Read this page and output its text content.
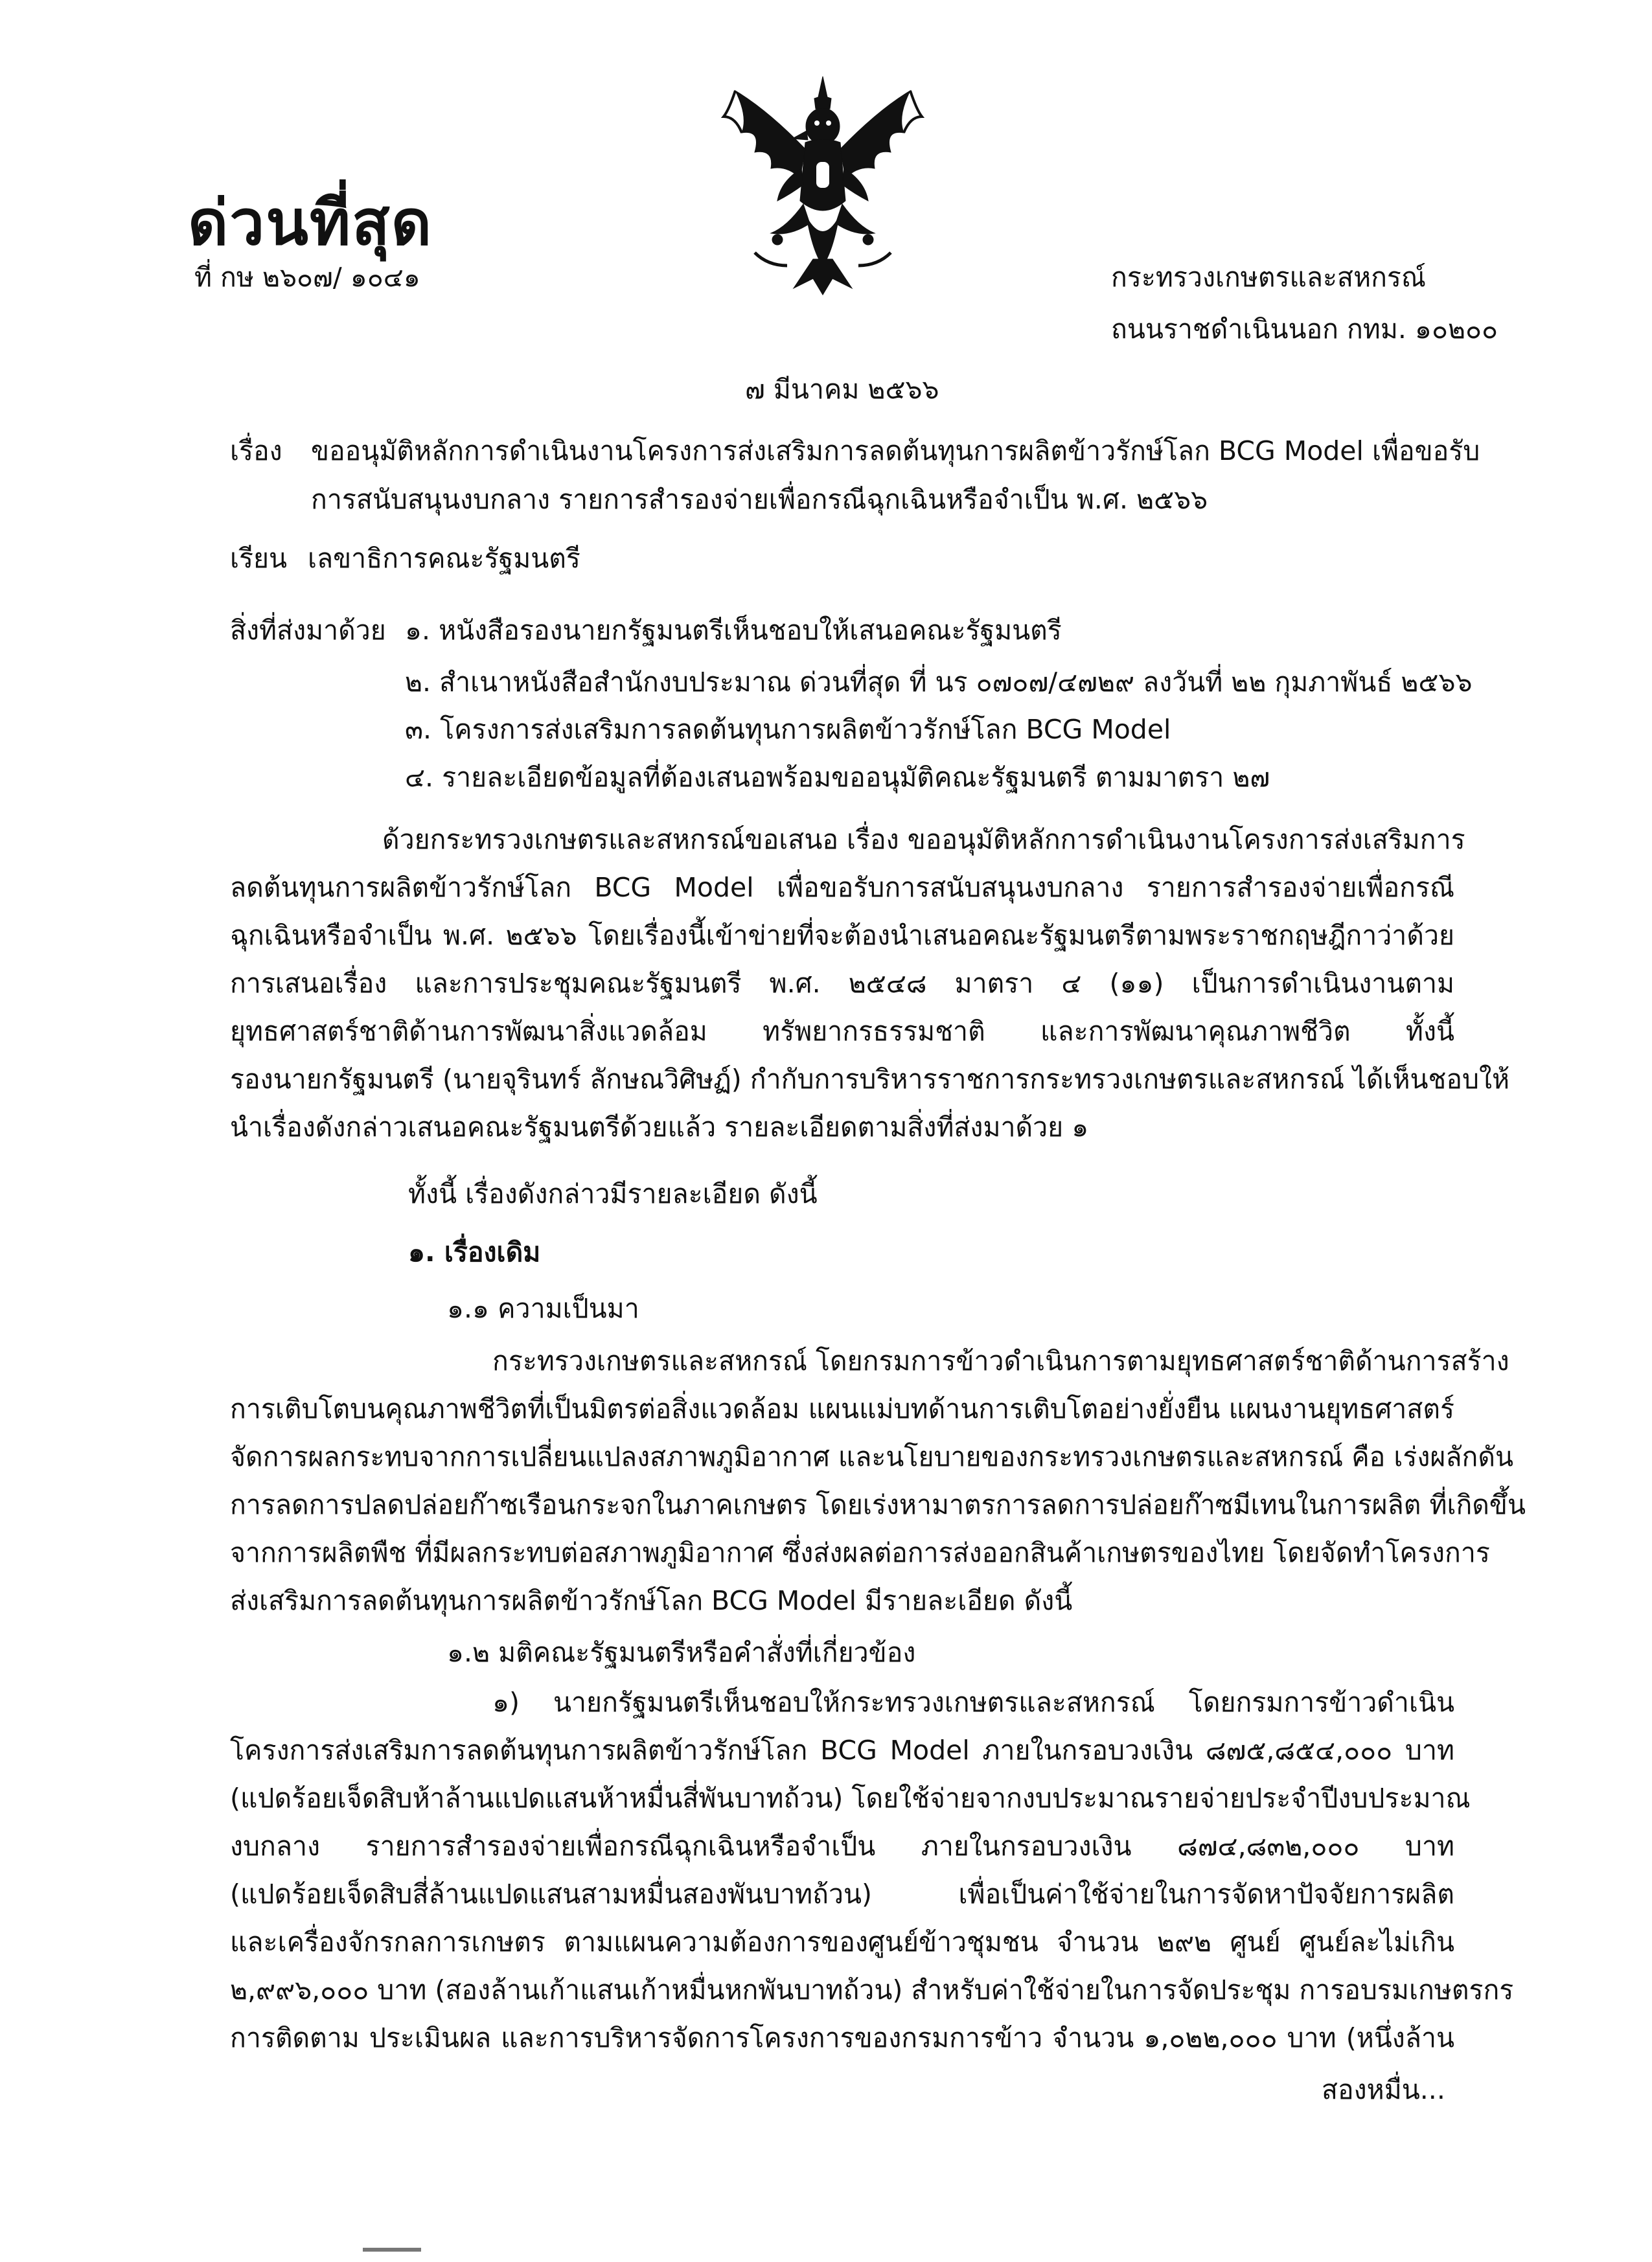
ด่วนที่สุด
ที่ กษ ๒๖๐๗/ ๑๐๔๑	กระทรวงเกษตรและสหกรณ์
ถนนราชดำเนินนอก กทม. ๑๐๒๐๐
๗ มีนาคม ๒๕๖๖
เรื่อง ขออนุมัติหลักการดำเนินงานโครงการส่งเสริมการลดต้นทุนการผลิตข้าวรักษ์โลก BCG Model เพื่อขอรับ
การสนับสนุนงบกลาง รายการสำรองจ่ายเพื่อกรณีฉุกเฉินหรือจำเป็น พ.ศ. ๒๕๖๖
เรียน เลขาธิการคณะรัฐมนตรี
สิ่งที่ส่งมาด้วย ๑. หนังสือรองนายกรัฐมนตรีเห็นชอบให้เสนอคณะรัฐมนตรี
๒. สำเนาหนังสือสำนักงบประมาณ ด่วนที่สุด ที่ นร ๐๗๐๗/๔๗๒๙ ลงวันที่ ๒๒ กุมภาพันธ์ ๒๕๖๖
๓. โครงการส่งเสริมการลดต้นทุนการผลิตข้าวรักษ์โลก BCG Model
๔. รายละเอียดข้อมูลที่ต้องเสนอพร้อมขออนุมัติคณะรัฐมนตรี ตามมาตรา ๒๗
ด้วยกระทรวงเกษตรและสหกรณ์ขอเสนอ เรื่อง ขออนุมัติหลักการดำเนินงานโครงการส่งเสริมการ
ลดต้นทุนการผลิตข้าวรักษ์โลก BCG Model เพื่อขอรับการสนับสนุนงบกลาง รายการสำรองจ่ายเพื่อกรณี
ฉุกเฉินหรือจำเป็น พ.ศ. ๒๕๖๖ โดยเรื่องนี้เข้าข่ายที่จะต้องนำเสนอคณะรัฐมนตรีตามพระราชกฤษฎีกาว่าด้วย
การเสนอเรื่อง และการประชุมคณะรัฐมนตรี พ.ศ. ๒๕๔๘ มาตรา ๔ (๑๑) เป็นการดำเนินงานตาม
ยุทธศาสตร์ชาติด้านการพัฒนาสิ่งแวดล้อม ทรัพยากรธรรมชาติ และการพัฒนาคุณภาพชีวิต ทั้งนี้
รองนายกรัฐมนตรี (นายจุรินทร์ ลักษณวิศิษฏ์) กำกับการบริหารราชการกระทรวงเกษตรและสหกรณ์ ได้เห็นชอบให้
นำเรื่องดังกล่าวเสนอคณะรัฐมนตรีด้วยแล้ว รายละเอียดตามสิ่งที่ส่งมาด้วย ๑
ทั้งนี้ เรื่องดังกล่าวมีรายละเอียด ดังนี้
๑. เรื่องเดิม
๑.๑ ความเป็นมา
กระทรวงเกษตรและสหกรณ์ โดยกรมการข้าวดำเนินการตามยุทธศาสตร์ชาติด้านการสร้าง
การเติบโตบนคุณภาพชีวิตที่เป็นมิตรต่อสิ่งแวดล้อม แผนแม่บทด้านการเติบโตอย่างยั่งยืน แผนงานยุทธศาสตร์
จัดการผลกระทบจากการเปลี่ยนแปลงสภาพภูมิอากาศ และนโยบายของกระทรวงเกษตรและสหกรณ์ คือ เร่งผลักดัน
การลดการปลดปล่อยก๊าซเรือนกระจกในภาคเกษตร โดยเร่งหามาตรการลดการปล่อยก๊าซมีเทนในการผลิต ที่เกิดขึ้น
จากการผลิตพืช ที่มีผลกระทบต่อสภาพภูมิอากาศ ซึ่งส่งผลต่อการส่งออกสินค้าเกษตรของไทย โดยจัดทำโครงการ
ส่งเสริมการลดต้นทุนการผลิตข้าวรักษ์โลก BCG Model มีรายละเอียด ดังนี้
๑.๒ มติคณะรัฐมนตรีหรือคำสั่งที่เกี่ยวข้อง
๑) นายกรัฐมนตรีเห็นชอบให้กระทรวงเกษตรและสหกรณ์ โดยกรมการข้าวดำเนิน
โครงการส่งเสริมการลดต้นทุนการผลิตข้าวรักษ์โลก BCG Model ภายในกรอบวงเงิน ๘๗๕,๘๕๔,๐๐๐ บาท
(แปดร้อยเจ็ดสิบห้าล้านแปดแสนห้าหมื่นสี่พันบาทถ้วน) โดยใช้จ่ายจากงบประมาณรายจ่ายประจำปีงบประมาณ
งบกลาง รายการสำรองจ่ายเพื่อกรณีฉุกเฉินหรือจำเป็น ภายในกรอบวงเงิน ๘๗๔,๘๓๒,๐๐๐ บาท
(แปดร้อยเจ็ดสิบสี่ล้านแปดแสนสามหมื่นสองพันบาทถ้วน) เพื่อเป็นค่าใช้จ่ายในการจัดหาปัจจัยการผลิต
และเครื่องจักรกลการเกษตร ตามแผนความต้องการของศูนย์ข้าวชุมชน จำนวน ๒๙๒ ศูนย์ ศูนย์ละไม่เกิน
๒,๙๙๖,๐๐๐ บาท (สองล้านเก้าแสนเก้าหมื่นหกพันบาทถ้วน) สำหรับค่าใช้จ่ายในการจัดประชุม การอบรมเกษตรกร
การติดตาม ประเมินผล และการบริหารจัดการโครงการของกรมการข้าว จำนวน ๑,๐๒๒,๐๐๐ บาท (หนึ่งล้าน
สองหมื่น...
